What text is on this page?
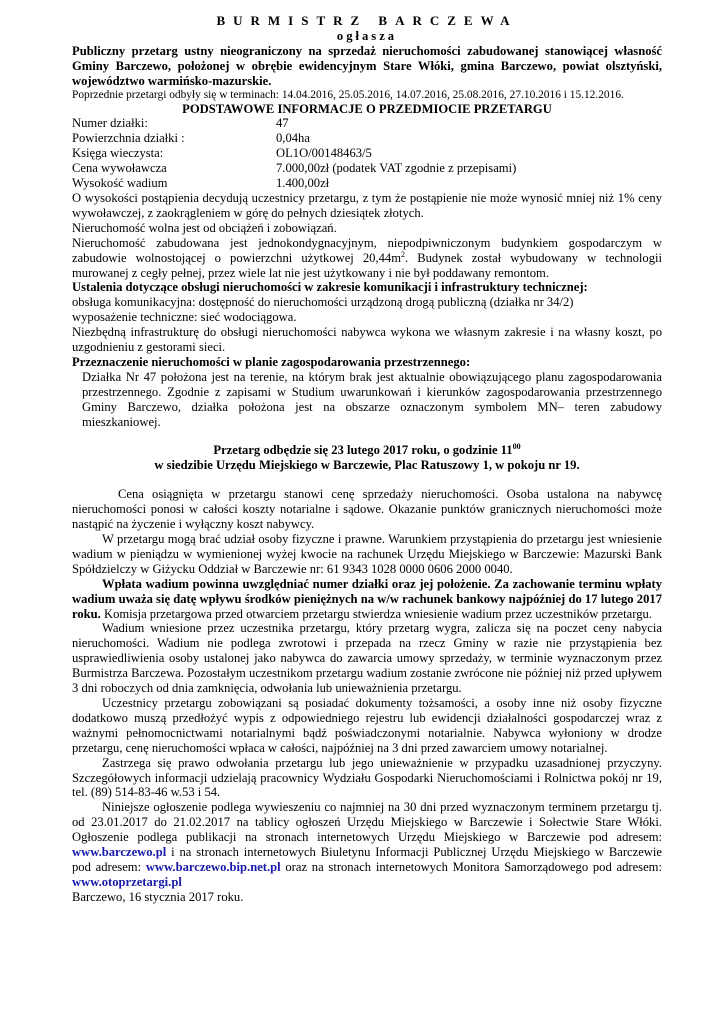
BURMISTRZ BARCZEWA

ogłasza

Publiczny przetarg ustny nieograniczony na sprzedaż nieruchomości zabudowanej stanowiącej własność Gminy Barczewo, położonej w obrębie ewidencyjnym Stare Włóki, gmina Barczewo, powiat olsztyński, województwo warmińsko-mazurskie.

Poprzednie przetargi odbyły się w terminach: 14.04.2016, 25.05.2016, 14.07.2016, 25.08.2016, 27.10.2016 i 15.12.2016.

PODSTAWOWE INFORMACJE O PRZEDMIOCIE PRZETARGU

Numer działki:	47
Powierzchnia działki :	0,04ha
Księga wieczysta:	OL1O/00148463/5
Cena wywoławcza	7.000,00zł (podatek VAT zgodnie z przepisami)
Wysokość wadium	1.400,00zł

O wysokości postąpienia decydują uczestnicy przetargu, z tym że postąpienie nie może wynosić mniej niż 1% ceny wywoławczej, z zaokrągleniem w górę do pełnych dziesiątek złotych.

Nieruchomość wolna jest od obciążeń i zobowiązań.

Nieruchomość zabudowana jest jednokondygnacyjnym, niepodpiwniczonym budynkiem gospodarczym w zabudowie wolnostojącej o powierzchni użytkowej $20,44m^2$. Budynek został wybudowany w technologii murowanej z cegły pełnej, przez wiele lat nie jest użytkowany i nie był poddawany remontom.

Ustalenia dotyczące obsługi nieruchomości w zakresie komunikacji i infrastruktury technicznej:

obsługa komunikacyjna: dostępność do nieruchomości urządzoną drogą publiczną (działka nr 34/2)

wyposażenie techniczne: sieć wodociągowa.

Niezbędną infrastrukturę do obsługi nieruchomości nabywca wykona we własnym zakresie i na własny koszt, po uzgodnieniu z gestorami sieci.

Przeznaczenie nieruchomości w planie zagospodarowania przestrzennego:

Działka Nr 47 położona jest na terenie, na którym brak jest aktualnie obowiązującego planu zagospodarowania przestrzennego. Zgodnie z zapisami w Studium uwarunkowań i kierunków zagospodarowania przestrzennego Gminy Barczewo, działka położona jest na obszarze oznaczonym symbolem MN– teren zabudowy mieszkaniowej.

Przetarg odbędzie się 23 lutego 2017 roku, o godzinie $11^{00}$

w siedzibie Urzędu Miejskiego w Barczewie, Plac Ratuszowy 1, w pokoju nr 19.

Cena osiągnięta w przetargu stanowi cenę sprzedaży nieruchomości. Osoba ustalona na nabywcę nieruchomości ponosi w całości koszty notarialne i sądowe. Okazanie punktów granicznych nieruchomości może nastąpić na życzenie i wyłączny koszt nabywcy.

W przetargu mogą brać udział osoby fizyczne i prawne. Warunkiem przystąpienia do przetargu jest wniesienie wadium w pieniądzu w wymienionej wyżej kwocie na rachunek Urzędu Miejskiego w Barczewie: Mazurski Bank Spółdzielczy w Giżycku Oddział w Barczewie nr: 61 9343 1028 0000 0606 2000 0040.

Wpłata wadium powinna uwzględniać numer działki oraz jej położenie. Za zachowanie terminu wpłaty wadium uważa się datę wpływu środków pieniężnych na w/w rachunek bankowy najpóźniej do 17 lutego 2017 roku. Komisja przetargowa przed otwarciem przetargu stwierdza wniesienie wadium przez uczestników przetargu.

Wadium wniesione przez uczestnika przetargu, który przetarg wygra, zalicza się na poczet ceny nabycia nieruchomości. Wadium nie podlega zwrotowi i przepada na rzecz Gminy w razie nie przystąpienia bez usprawiedliwienia osoby ustalonej jako nabywca do zawarcia umowy sprzedaży, w terminie wyznaczonym przez Burmistrza Barczewa. Pozostałym uczestnikom przetargu wadium zostanie zwrócone nie później niż przed upływem 3 dni roboczych od dnia zamknięcia, odwołania lub unieważnienia przetargu.

Uczestnicy przetargu zobowiązani są posiadać dokumenty tożsamości, a osoby inne niż osoby fizyczne dodatkowo muszą przedłożyć wypis z odpowiedniego rejestru lub ewidencji działalności gospodarczej wraz z ważnymi pełnomocnictwami notarialnymi bądź poświadczonymi notarialnie. Nabywca wyłoniony w drodze przetargu, cenę nieruchomości wpłaca w całości, najpóźniej na 3 dni przed zawarciem umowy notarialnej.

Zastrzega się prawo odwołania przetargu lub jego unieważnienie w przypadku uzasadnionej przyczyny. Szczegółowych informacji udzielają pracownicy Wydziału Gospodarki Nieruchomościami i Rolnictwa pokój nr 19, tel. (89) 514-83-46 w.53 i 54.

Niniejsze ogłoszenie podlega wywieszeniu co najmniej na 30 dni przed wyznaczonym terminem przetargu tj. od 23.01.2017 do 21.02.2017 na tablicy ogłoszeń Urzędu Miejskiego w Barczewie i Sołectwie Stare Włóki. Ogłoszenie podlega publikacji na stronach internetowych Urzędu Miejskiego w Barczewie pod adresem: www.barczewo.pl i na stronach internetowych Biuletynu Informacji Publicznej Urzędu Miejskiego w Barczewie pod adresem: www.barczewo.bip.net.pl oraz na stronach internetowych Monitora Samorządowego pod adresem: www.otoprzetargi.pl

Barczewo, 16 stycznia 2017 roku.
